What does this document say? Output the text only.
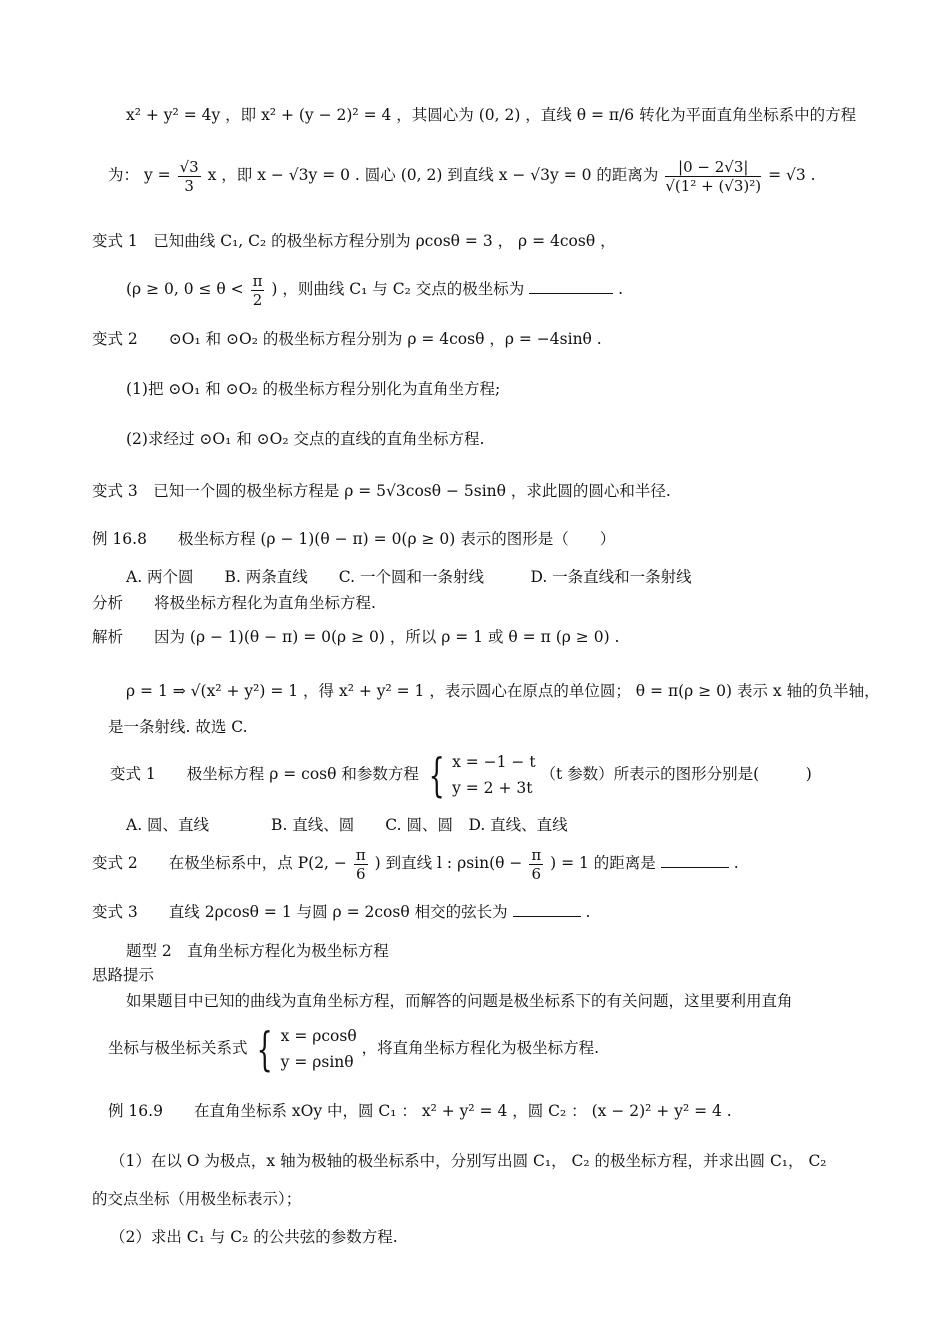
x² + y² = 4y ，即 x² + (y − 2)² = 4 ，其圆心为 (0, 2) ，直线 θ = π/6 转化为平面直角坐标系中的方程
为： $y = \frac{√3}{3}$ x ，即 x − √3y = 0 . 圆心 (0, 2) 到直线 x − √3y = 0 的距离为 $\frac{|0 - 2√3|}{\text{√(1² + (√3)²)}} = √3$ .
变式 1　已知曲线 C₁, C₂ 的极坐标方程分别为 ρcosθ = 3 ， ρ = 4cosθ ，
(ρ ≥ 0, $0 \le \theta < \frac{\pi}{2}$ ) ，则曲线 C₁ 与 C₂ 交点的极坐标为	.
变式 2　　⊙O₁ 和 ⊙O₂ 的极坐标方程分别为 ρ = 4cosθ ，ρ = −4sinθ .
(1)把 ⊙O₁ 和 ⊙O₂ 的极坐标方程分别化为直角坐方程;
(2)求经过 ⊙O₁ 和 ⊙O₂ 交点的直线的直角坐标方程.
变式 3　已知一个圆的极坐标方程是 ρ = 5√3cosθ − 5sinθ ，求此圆的圆心和半径.
例 16.8　　极坐标方程 (ρ − 1)(θ − π) = 0(ρ ≥ 0) 表示的图形是（　　）
A. 两个圆　　B. 两条直线　　C. 一个圆和一条射线　　　D. 一条直线和一条射线
分析　　将极坐标方程化为直角坐标方程.
解析　　因为 (ρ − 1)(θ − π) = 0(ρ ≥ 0) ，所以 ρ = 1 或 θ = π (ρ ≥ 0) .
ρ = 1 ⇒ √(x² + y²) = 1 ，得 x² + y² = 1 ，表示圆心在原点的单位圆； θ = π(ρ ≥ 0) 表示 x 轴的负半轴，
是一条射线. 故选 C.
变式 1　　极坐标方程 ρ = cosθ 和参数方程 { x = −1 − t
y = 2 + 3t
（t 参数）所表示的图形分别是(　　　)
A. 圆、直线　　　　B. 直线、圆　　C. 圆、圆　D. 直线、直线
变式 2　　在极坐标系中，点 P(2, − $\frac{\pi}{6}$ ) 到直线 l : $\rho\sin(\theta - \frac{\pi}{6}$ ) = 1 的距离是	.
变式 3　　直线 2ρcosθ = 1 与圆 ρ = 2cosθ 相交的弦长为	.
题型 2　直角坐标方程化为极坐标方程
思路提示
如果题目中已知的曲线为直角坐标方程，而解答的问题是极坐标系下的有关问题，这里要利用直角
坐标与极坐标关系式 { x = ρcosθ
y = ρsinθ
，将直角坐标方程化为极坐标方程.
例 16.9　　在直角坐标系 xOy 中，圆 C₁ ： x² + y² = 4 ，圆 C₂ ： (x − 2)² + y² = 4 .
（1）在以 O 为极点，x 轴为极轴的极坐标系中，分别写出圆 C₁， C₂ 的极坐标方程，并求出圆 C₁， C₂
的交点坐标（用极坐标表示）；
（2）求出 C₁ 与 C₂ 的公共弦的参数方程.
